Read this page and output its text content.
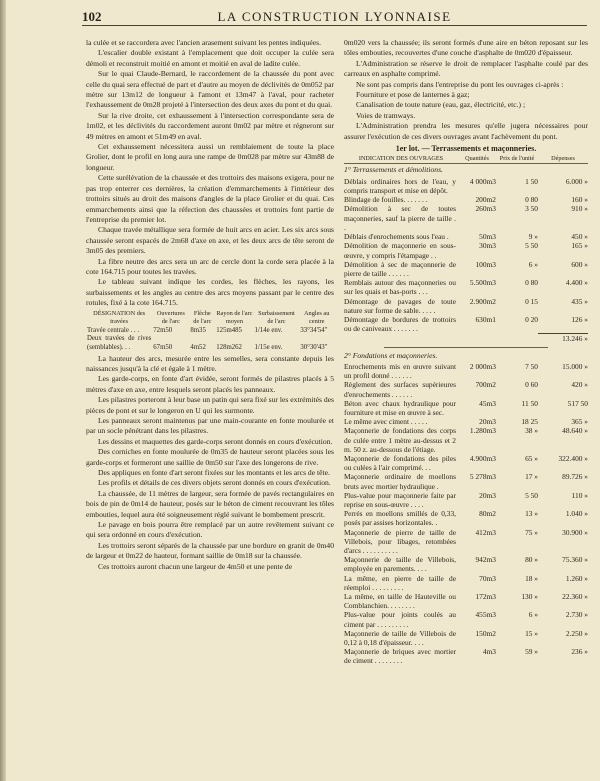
102	LA CONSTRUCTION LYONNAISE

la culée et se raccordera avec l'ancien arasement suivant les pentes indiquées.

L'escalier double existant à l'emplacement que doit occuper la culée sera démoli et reconstruit moitié en amont et moitié en aval de ladite culée.

Sur le quai Claude-Bernard, le raccordement de la chaussée du pont avec celle du quai sera effectué de part et d'autre au moyen de déclivités de 0m052 par mètre sur 13m12 de longueur à l'amont et 13m47 à l'aval, pour racheter l'exhaussement de 0m28 projeté à l'intersection des deux axes du pont et du quai.

Sur la rive droite, cet exhaussement à l'intersection correspondante sera de 1m02, et les déclivités du raccordement auront 0m02 par mètre et régneront sur 49 mètres en amont et 51m49 en aval.

Cet exhaussement nécessitera aussi un remblaiement de toute la place Grolier, dont le profil en long aura une rampe de 0m028 par mètre sur 43m88 de longueur.

Cette surélévation de la chaussée et des trottoirs des maisons exigera, pour ne pas trop enterrer ces dernières, la création d'emmarchements à l'intérieur des trottoirs situés au droit des maisons d'angles de la place Grolier et du quai. Ces emmarchements ainsi que la réfection des chaussées et trottoirs font partie de l'entreprise du premier lot.

Chaque travée métallique sera formée de huit arcs en acier. Les six arcs sous chaussée seront espacés de 2m68 d'axe en axe, et les deux arcs de tête seront de 3m05 des premiers.

La fibre neutre des arcs sera un arc de cercle dont la corde sera placée à la cote 164.715 pour toutes les travées.

Le tableau suivant indique les cordes, les flèches, les rayons, les surbaissements et les angles au centre des arcs moyens passant par le centre des rotules, fixé à la cote 164.715.

DÉSIGNATION des travées	Ouvertures de l'arc	Flèche de l'arc	Rayon de l'arc moyen	Surbaissement de l'arc	Angles au centre
Travée centrale . . .	72m50	8m35	125m485	1/14e env.	33°34'54"
Deux travées de rives (semblables). . .	67m50	4m52	128m262	1/15e env.	30°30'43"

La hauteur des arcs, mesurée entre les semelles, sera constante depuis les naissances jusqu'à la clé et égale à 1 mètre.

Les garde-corps, en fonte d'art évidée, seront formés de pilastres placés à 5 mètres d'axe en axe, entre lesquels seront placés les panneaux.

Les pilastres porteront à leur base un patin qui sera fixé sur les extrémités des pièces de pont et sur le longeron en U qui les surmonte.

Les panneaux seront maintenus par une main-courante en fonte moulurée et par un socle pénétrant dans les pilastres.

Les dessins et maquettes des garde-corps seront donnés en cours d'exécution.

Des corniches en fonte moulurée de 0m35 de hauteur seront placées sous les garde-corps et formeront une saillie de 0m50 sur l'axe des longerons de rive.

Des appliques en fonte d'art seront fixées sur les montants et les arcs de tête.

Les profils et détails de ces divers objets seront donnés en cours d'exécution.

La chaussée, de 11 mètres de largeur, sera formée de pavés rectangulaires en bois de pin de 0m14 de hauteur, posés sur le béton de ciment recouvrant les tôles embouties, lequel aura été soigneusement réglé suivant le bombement prescrit.

Le pavage en bois pourra être remplacé par un autre revêtement suivant ce qui sera ordonné en cours d'exécution.

Les trottoirs seront séparés de la chaussée par une bordure en granit de 0m40 de largeur et 0m22 de hauteur, formant saillie de 0m18 sur la chaussée.

Ces trottoirs auront chacun une largeur de 4m50 et une pente de

0m020 vers la chaussée; ils seront formés d'une aire en béton reposant sur les tôles embouties, recouvertes d'une couche d'asphalte de 0m020 d'épaisseur.

L'Administration se réserve le droit de remplacer l'asphalte coulé par des carreaux en asphalte comprimé.

Ne sont pas compris dans l'entreprise du pont les ouvrages ci-après :

Fourniture et pose de lanternes à gaz;

Canalisation de toute nature (eau, gaz, électricité, etc.) ;

Voies de tramways.

L'Administration prendra les mesures qu'elle jugera nécessaires pour assurer l'exécution de ces divers ouvrages avant l'achèvement du pont.

1er lot. — Terrassements et maçonneries.
INDICATION DES OUVRAGES	Quantités	Prix de l'unité	Dépenses
1° Terrassements et démolitions.
Déblais ordinaires hors de l'eau, y compris transport et mise en dépôt.
4 000m3	1 50	6.000 »
Blindage de fouilles. . . . . . .	200m2	0 80	160 »
Démolition à sec de toutes maçonneries, sauf la pierre de taille . .
260m3	3 50	910 »
Déblais d'enrochements sous l'eau .	50m3	9 »	450 »
Démolition de maçonnerie en sous-œuvre, y compris l'étampage . .
30m3	5 50	165 »
Démolition à sec de maçonnerie de pierre de taille . . . . . .
100m3	6 »	600 »
Remblais autour des maçonneries ou sur les quais et bas-ports . . .
5.500m3	0 80	4.400 »
Démontage de pavages de toute nature sur forme de sable. . . . .
2.900m2	0 15	435 »
Démontage de bordures de trottoirs ou de caniveaux . . . . . . .
630m1	0 20	126 »
13.246 »
2° Fondations et maçonneries.
Enrochements mis en œuvre suivant un profil donné . . . . . .
2 000m3	7 50	15.000 »
Règlement des surfaces supérieures d'enrochements . . . . . .
700m2	0 60	420 »
Béton avec chaux hydraulique pour fourniture et mise en œuvre à sec.
45m3	11 50	517 50
Le même avec ciment . . . . .	20m3	18 25	365 »
Maçonnerie de fondations des corps de culée entre 1 mètre au-dessus et 2 m. 50 z. au-dessous de l'étiage.
1.280m3	38 »	48.640 »
Maçonnerie de fondations des piles ou culées à l'air comprimé. . .
4.900m3	65 »	322.400 »
Maçonnerie ordinaire de moellons bruts avec mortier hydraulique .
5 278m3	17 »	89.726 »
Plus-value pour maçonnerie faite par reprise en sous-œuvre . . . .
20m3	5 50	110 »
Perrés en moellons smillés de 0,33, posés par assises horizontales. .
80m2	13 »	1.040 »
Maçonnerie de pierre de taille de Villebois, pour libages, retombées d'arcs . . . . . . . . . .
412m3	75 »	30.900 »
Maçonnerie de taille de Villebois, employée en parements. . . .
942m3	80 »	75.360 »
La même, en pierre de taille de réemploi . . . . . . . . .
70m3	18 »	1.260 »
La même, en taille de Hauteville ou Comblanchien. . . . . . . .
172m3	130 »	22.360 »
Plus-value pour joints coulés au ciment par . . . . . . . . .
455m3	6 »	2.730 »
Maçonnerie de taille de Villebois de 0,12 à 0,18 d'épaisseur. . . .
150m2	15 »	2.250 »
Maçonnerie de briques avec mortier de ciment . . . . . . . .
4m3	59 »	236 »
